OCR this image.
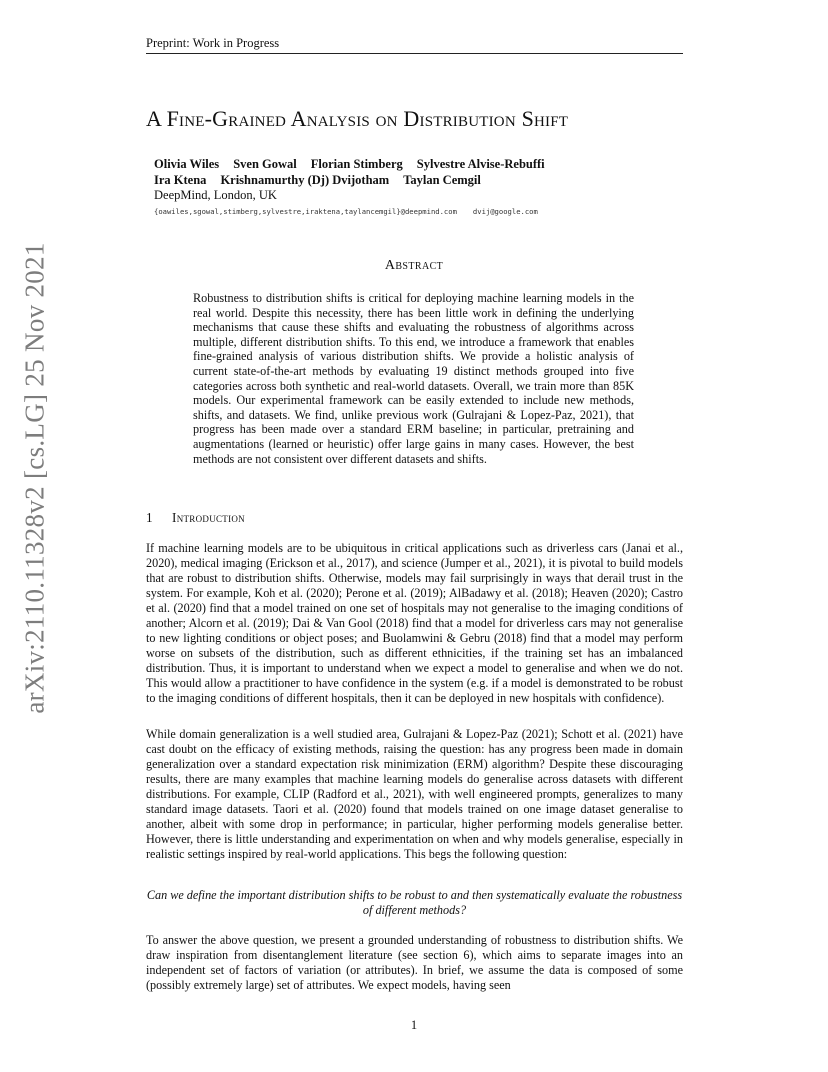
Preprint: Work in Progress
A Fine-Grained Analysis on Distribution Shift
Olivia Wiles Sven Gowal Florian Stimberg Sylvestre Alvise-Rebuffi
Ira Ktena Krishnamurthy (Dj) Dvijotham Taylan Cemgil
DeepMind, London, UK
{oawiles,sgowal,stimberg,sylvestre,iraktena,taylancemgil}@deepmind.com dvij@google.com
Abstract
Robustness to distribution shifts is critical for deploying machine learning models in the real world. Despite this necessity, there has been little work in defining the underlying mechanisms that cause these shifts and evaluating the robustness of algorithms across multiple, different distribution shifts. To this end, we introduce a framework that enables fine-grained analysis of various distribution shifts. We provide a holistic analysis of current state-of-the-art methods by evaluating 19 distinct methods grouped into five categories across both synthetic and real-world datasets. Overall, we train more than 85K models. Our experimental framework can be easily extended to include new methods, shifts, and datasets. We find, unlike previous work (Gulrajani & Lopez-Paz, 2021), that progress has been made over a standard ERM baseline; in particular, pretraining and augmentations (learned or heuristic) offer large gains in many cases. However, the best methods are not consistent over different datasets and shifts.
1 Introduction
If machine learning models are to be ubiquitous in critical applications such as driverless cars (Janai et al., 2020), medical imaging (Erickson et al., 2017), and science (Jumper et al., 2021), it is pivotal to build models that are robust to distribution shifts. Otherwise, models may fail surprisingly in ways that derail trust in the system. For example, Koh et al. (2020); Perone et al. (2019); AlBadawy et al. (2018); Heaven (2020); Castro et al. (2020) find that a model trained on one set of hospitals may not generalise to the imaging conditions of another; Alcorn et al. (2019); Dai & Van Gool (2018) find that a model for driverless cars may not generalise to new lighting conditions or object poses; and Buolamwini & Gebru (2018) find that a model may perform worse on subsets of the distribution, such as different ethnicities, if the training set has an imbalanced distribution. Thus, it is important to understand when we expect a model to generalise and when we do not. This would allow a practitioner to have confidence in the system (e.g. if a model is demonstrated to be robust to the imaging conditions of different hospitals, then it can be deployed in new hospitals with confidence).
While domain generalization is a well studied area, Gulrajani & Lopez-Paz (2021); Schott et al. (2021) have cast doubt on the efficacy of existing methods, raising the question: has any progress been made in domain generalization over a standard expectation risk minimization (ERM) algorithm? Despite these discouraging results, there are many examples that machine learning models do generalise across datasets with different distributions. For example, CLIP (Radford et al., 2021), with well engineered prompts, generalizes to many standard image datasets. Taori et al. (2020) found that models trained on one image dataset generalise to another, albeit with some drop in performance; in particular, higher performing models generalise better. However, there is little understanding and experimentation on when and why models generalise, especially in realistic settings inspired by real-world applications. This begs the following question:
Can we define the important distribution shifts to be robust to and then systematically evaluate the robustness of different methods?
To answer the above question, we present a grounded understanding of robustness to distribution shifts. We draw inspiration from disentanglement literature (see section 6), which aims to separate images into an independent set of factors of variation (or attributes). In brief, we assume the data is composed of some (possibly extremely large) set of attributes. We expect models, having seen
1
arXiv:2110.11328v2 [cs.LG] 25 Nov 2021
